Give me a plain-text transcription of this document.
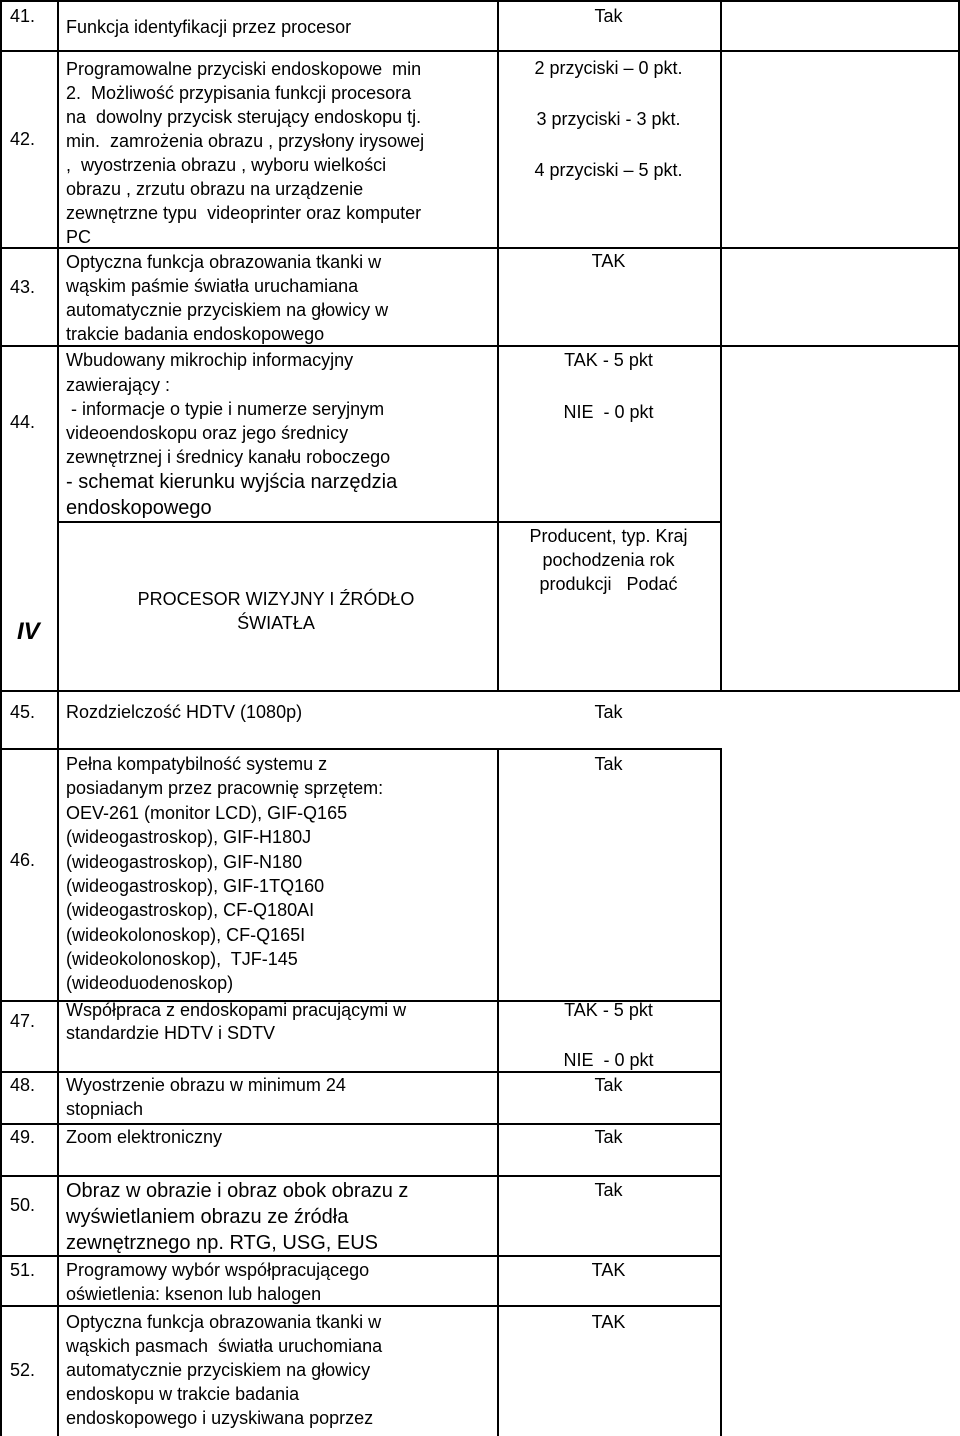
41.
Funkcja identyfikacji przez procesor
Tak
42.
Programowalne przyciski endoskopowe  min
2.  Możliwość przypisania funkcji procesora
na  dowolny przycisk sterujący endoskopu tj.
min.  zamrożenia obrazu , przysłony irysowej
,  wyostrzenia obrazu , wyboru wielkości
obrazu , zrzutu obrazu na urządzenie
zewnętrzne typu  videoprinter oraz komputer
PC
2 przyciski – 0 pkt.
3 przyciski - 3 pkt.
4 przyciski – 5 pkt.
43.
Optyczna funkcja obrazowania tkanki w
wąskim paśmie światła uruchamiana
automatycznie przyciskiem na głowicy w
trakcie badania endoskopowego
TAK
44.
Wbudowany mikrochip informacyjny
zawierający :
- informacje o typie i numerze seryjnym
videoendoskopu oraz jego średnicy
zewnętrznej i średnicy kanału roboczego
- schemat kierunku wyjścia narzędzia
endoskopowego
TAK - 5 pkt
NIE  - 0 pkt
IV
PROCESOR WIZYJNY I ŹRÓDŁO
ŚWIATŁA
Producent, typ. Kraj
pochodzenia rok
produkcji   Podać
45. Rozdzielczość HDTV (1080p)	Tak
46.
Pełna kompatybilność systemu z
posiadanym przez pracownię sprzętem:
OEV-261 (monitor LCD), GIF-Q165
(wideogastroskop), GIF-H180J
(wideogastroskop), GIF-N180
(wideogastroskop), GIF-1TQ160
(wideogastroskop), CF-Q180AI
(wideokolonoskop), CF-Q165I
(wideokolonoskop),  TJF-145
(wideoduodenoskop)
Tak
47.
Współpraca z endoskopami pracującymi w
standardzie HDTV i SDTV
TAK - 5 pkt
NIE  - 0 pkt
48. Wyostrzenie obrazu w minimum 24
stopniach
Tak
49. Zoom elektroniczny	Tak
50.
Obraz w obrazie i obraz obok obrazu z
wyświetlaniem obrazu ze źródła
zewnętrznego np. RTG, USG, EUS
Tak
51. Programowy wybór współpracującego
oświetlenia: ksenon lub halogen
TAK
52.
Optyczna funkcja obrazowania tkanki w
wąskich pasmach  światła uruchomiana
automatycznie przyciskiem na głowicy
endoskopu w trakcie badania
endoskopowego i uzyskiwana poprzez
TAK
